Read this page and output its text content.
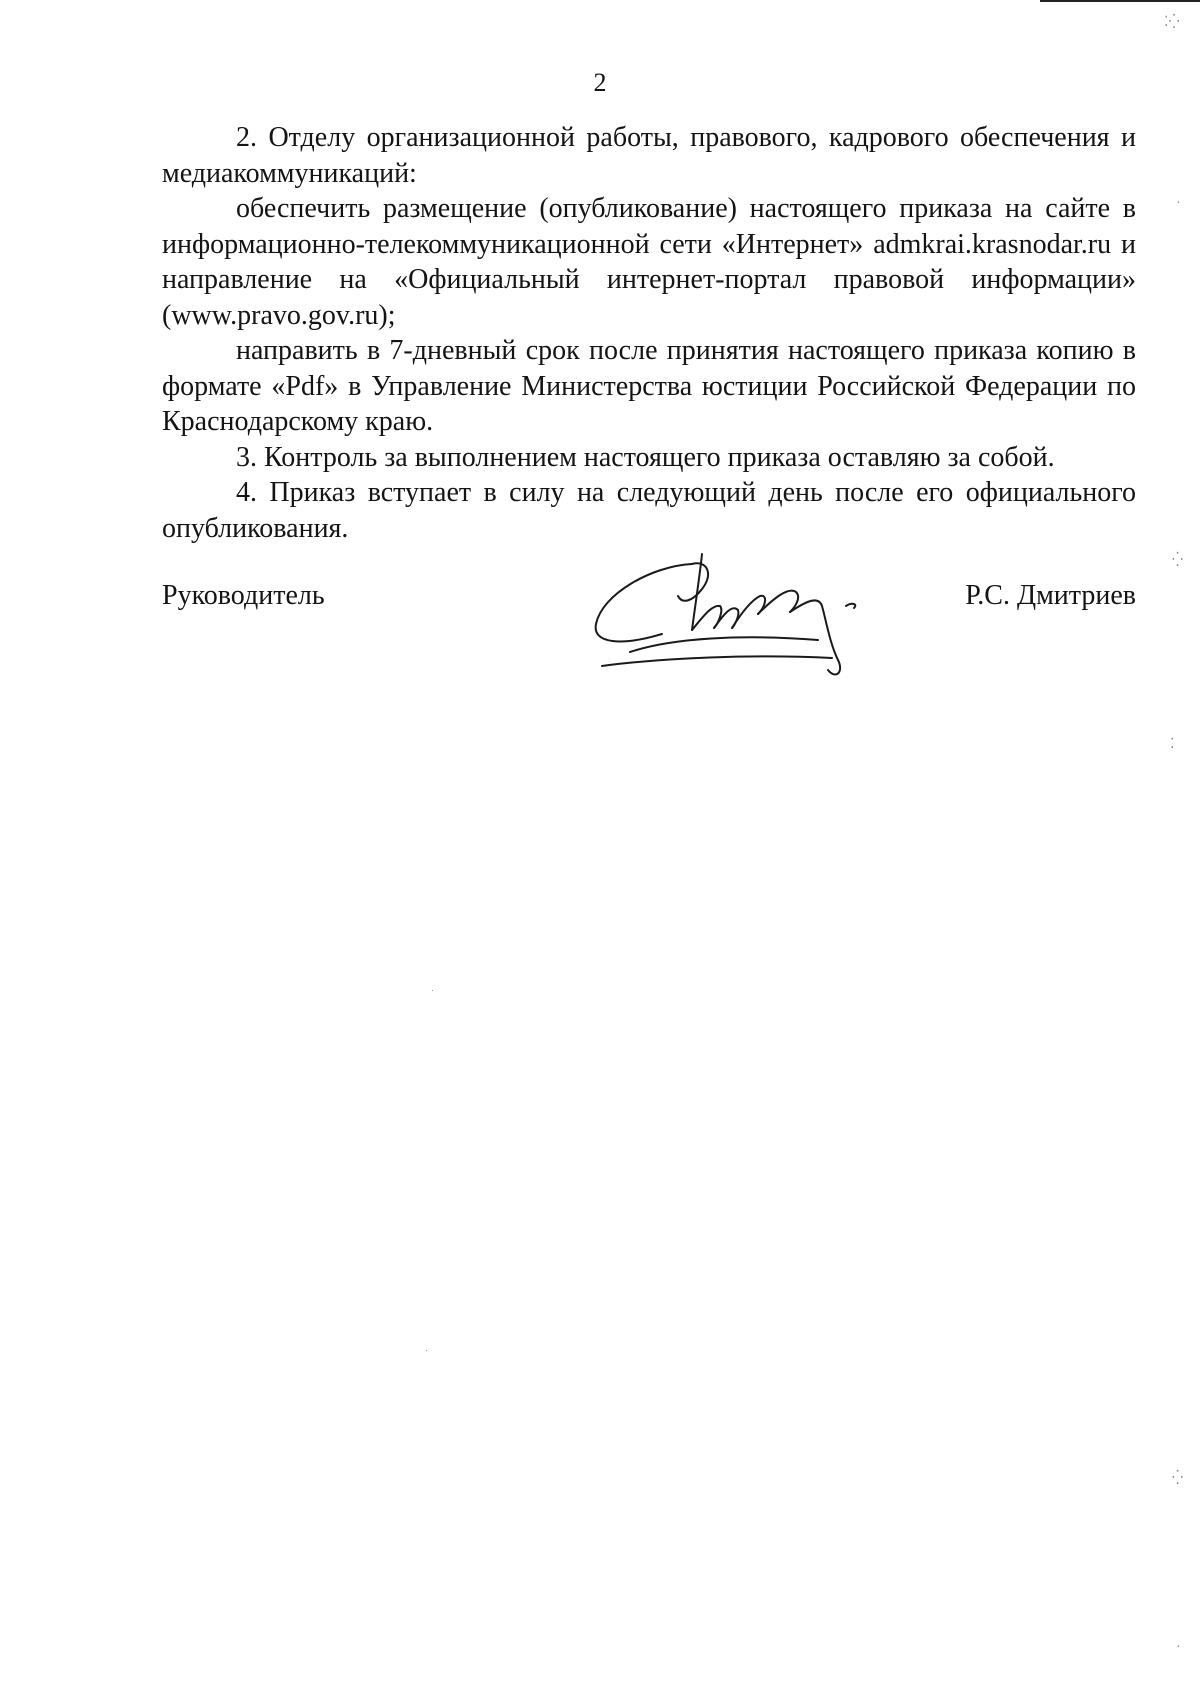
⁚⁛
·
⁛
⁚
⁛
·
2

2. Отделу организационной работы, правового, кадрового обеспечения и медиакоммуникаций:

обеспечить размещение (опубликование) настоящего приказа на сайте в информационно-телекоммуникационной сети «Интернет» admkrai.krasnodar.ru и направление на «Официальный интернет-портал правовой информации» (www.pravo.gov.ru);

направить в 7-дневный срок после принятия настоящего приказа копию в формате «Pdf» в Управление Министерства юстиции Российской Федерации по Краснодарскому краю.

3. Контроль за выполнением настоящего приказа оставляю за собой.

4. Приказ вступает в силу на следующий день после его официального опубликования.

Руководитель	Р.С. Дмитриев
